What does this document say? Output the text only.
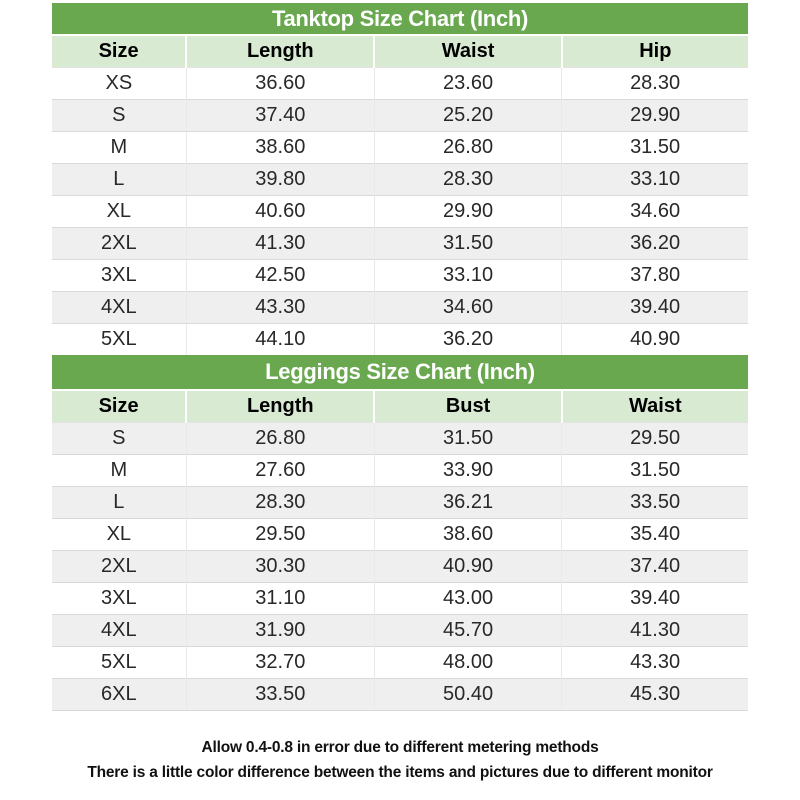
Tanktop Size Chart (Inch)
Size	Length	Waist	Hip
XS	36.60	23.60	28.30
S	37.40	25.20	29.90
M	38.60	26.80	31.50
L	39.80	28.30	33.10
XL	40.60	29.90	34.60
2XL	41.30	31.50	36.20
3XL	42.50	33.10	37.80
4XL	43.30	34.60	39.40
5XL	44.10	36.20	40.90
Leggings Size Chart (Inch)
Size	Length	Bust	Waist
S	26.80	31.50	29.50
M	27.60	33.90	31.50
L	28.30	36.21	33.50
XL	29.50	38.60	35.40
2XL	30.30	40.90	37.40
3XL	31.10	43.00	39.40
4XL	31.90	45.70	41.30
5XL	32.70	48.00	43.30
6XL	33.50	50.40	45.30
Allow 0.4-0.8 in error due to different metering methods
There is a little color difference between the items and pictures due to different monitor
